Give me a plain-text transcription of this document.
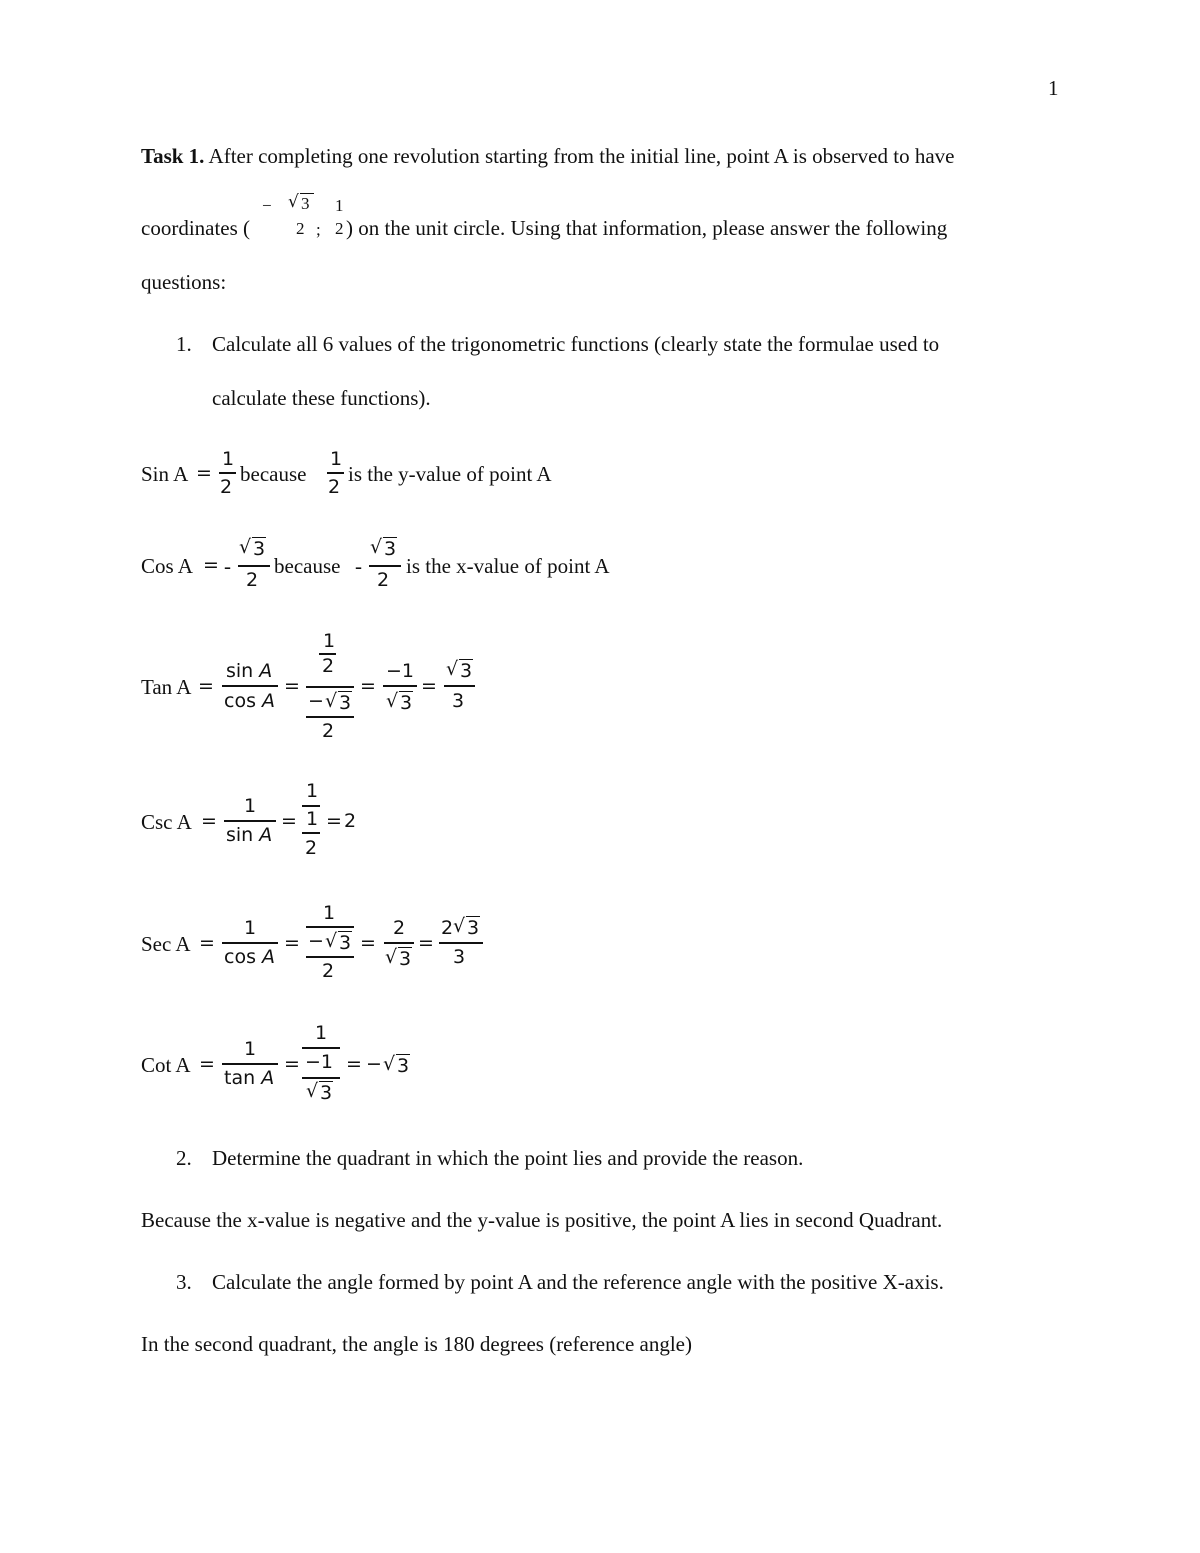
1
Task 1. After completing one revolution starting from the initial line, point A is observed to have
coordinates (
− √ 3
2 ;
1
2 ) on the unit circle. Using that information, please answer the following
questions:
1. Calculate all 6 values of the trigonometric functions (clearly state the formulae used to
calculate these functions).
Sin A =
1
2
because
1
2
is the y-value of point A
Cos A = -
√ 3
2
because -
√ 3
2
is the x-value of point A
Tan A =
sin A
cos A
=
1
2
− √ 3
2
=
−1
√ 3
=
√ 3
3
Csc A =
1
sin A
=
1
1
2
= 2
Sec A =
1
cos A
=
1
− √ 3
2
=
2
√ 3
=
2 √ 3
3
Cot A =
1
tan A
=
1
−1
√ 3
= − √ 3
2. Determine the quadrant in which the point lies and provide the reason.
Because the x-value is negative and the y-value is positive, the point A lies in second Quadrant.
3. Calculate the angle formed by point A and the reference angle with the positive X-axis.
In the second quadrant, the angle is 180 degrees (reference angle)
